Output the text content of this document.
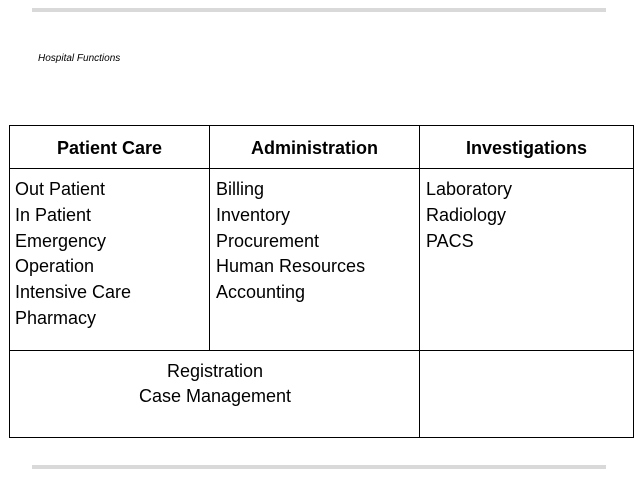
Hospital Functions
Patient Care	Administration	Investigations
Out Patient
In Patient
Emergency
Operation
Intensive Care
Pharmacy
Billing
Inventory
Procurement
Human Resources
Accounting
Laboratory
Radiology
PACS
Registration
Case Management
